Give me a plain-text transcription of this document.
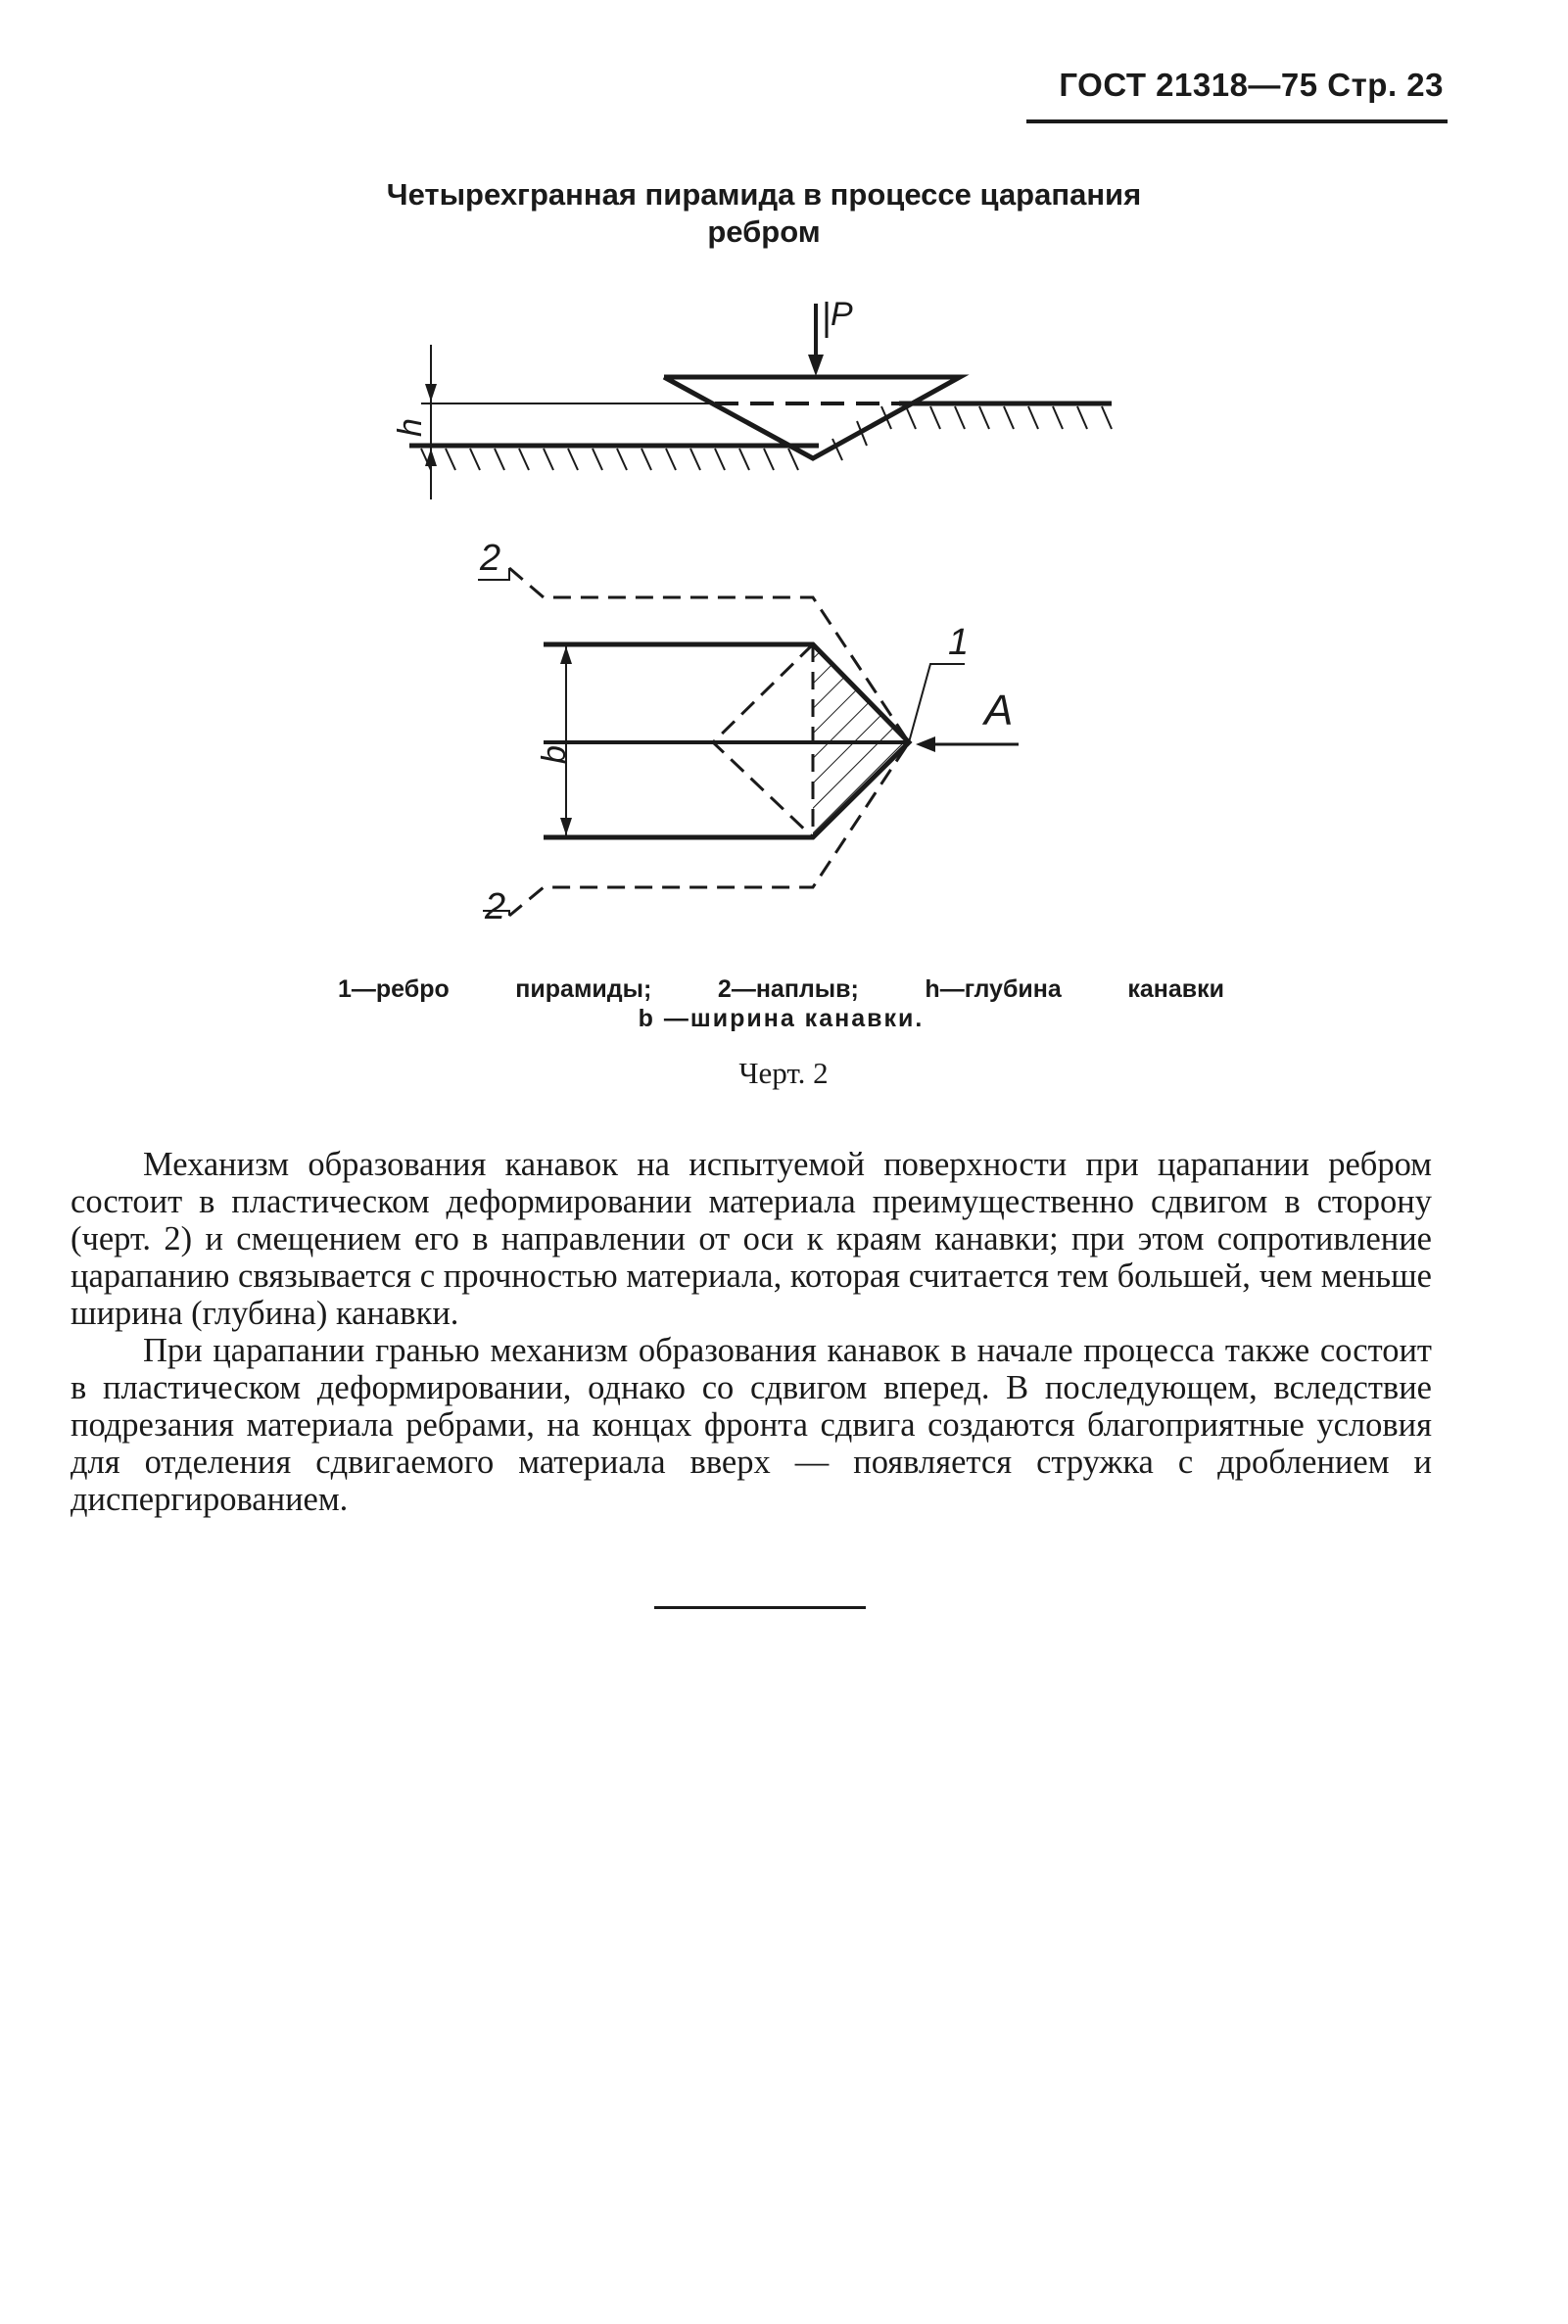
ГОСТ 21318—75 Стр. 23
Четырехгранная пирамида в процессе царапания
ребром
P
h
b
1
2
2
A
1—ребро	пирамиды;	2—наплыв;	h—глубина	канавки
b —ширина канавки.
Черт. 2

Механизм образования канавок на испытуемой поверхности при царапании ребром состоит в пластическом деформировании материала преимущественно сдвигом в сторону (черт. 2) и смещением его в направлении от оси к краям канавки; при этом сопротивление царапанию связывается с прочностью материала, которая считается тем большей, чем меньше ширина (глубина) канавки.

При царапании гранью механизм образования канавок в начале процесса также состоит в пластическом деформировании, однако со сдвигом вперед. В последующем, вследствие подрезания материала ребрами, на концах фронта сдвига создаются благоприятные условия для отделения сдвигаемого материала вверх — появляется стружка с дроблением и диспергированием.
